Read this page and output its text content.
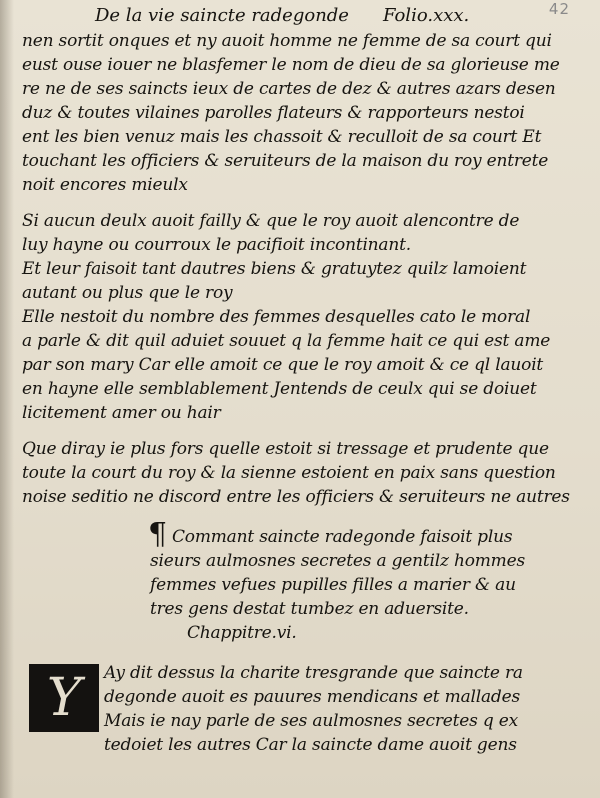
42
De la vie saincte radegonde Folio.xxx.
nen sortit onques et ny auoit homme ne femme de sa court qui
eust ouse iouer ne blasfemer le nom de dieu de sa glorieuse me
re ne de ses saincts ieux de cartes de dez & autres azars desen
duz & toutes vilaines parolles flateurs & rapporteurs nestoi
ent les bien venuz mais les chassoit & reculloit de sa court Et
touchant les officiers & seruiteurs de la maison du roy entrete
noit encores mieulx
Si aucun deulx auoit failly & que le roy auoit alencontre de
luy hayne ou courroux le pacifioit incontinant.
Et leur faisoit tant dautres biens & gratuytez quilz lamoient
autant ou plus que le roy
Elle nestoit du nombre des femmes desquelles cato le moral
a parle & dit quil aduiet souuet q la femme hait ce qui est ame
par son mary Car elle amoit ce que le roy amoit & ce ql lauoit
en hayne elle semblablement Jentends de ceulx qui se doiuet
licitement amer ou hair
Que diray ie plus fors quelle estoit si tressage et prudente que
toute la court du roy & la sienne estoient en paix sans question
noise seditio ne discord entre les officiers & seruiteurs ne autres
¶ Commant saincte radegonde faisoit plus
sieurs aulmosnes secretes a gentilz hommes
femmes vefues pupilles filles a marier & au
tres gens destat tumbez en aduersite.
Chappitre.vi.
Y	Ay dit dessus la charite tresgrande que saincte ra
degonde auoit es pauures mendicans et mallades
Mais ie nay parle de ses aulmosnes secretes q ex
tedoiet les autres Car la saincte dame auoit gens
